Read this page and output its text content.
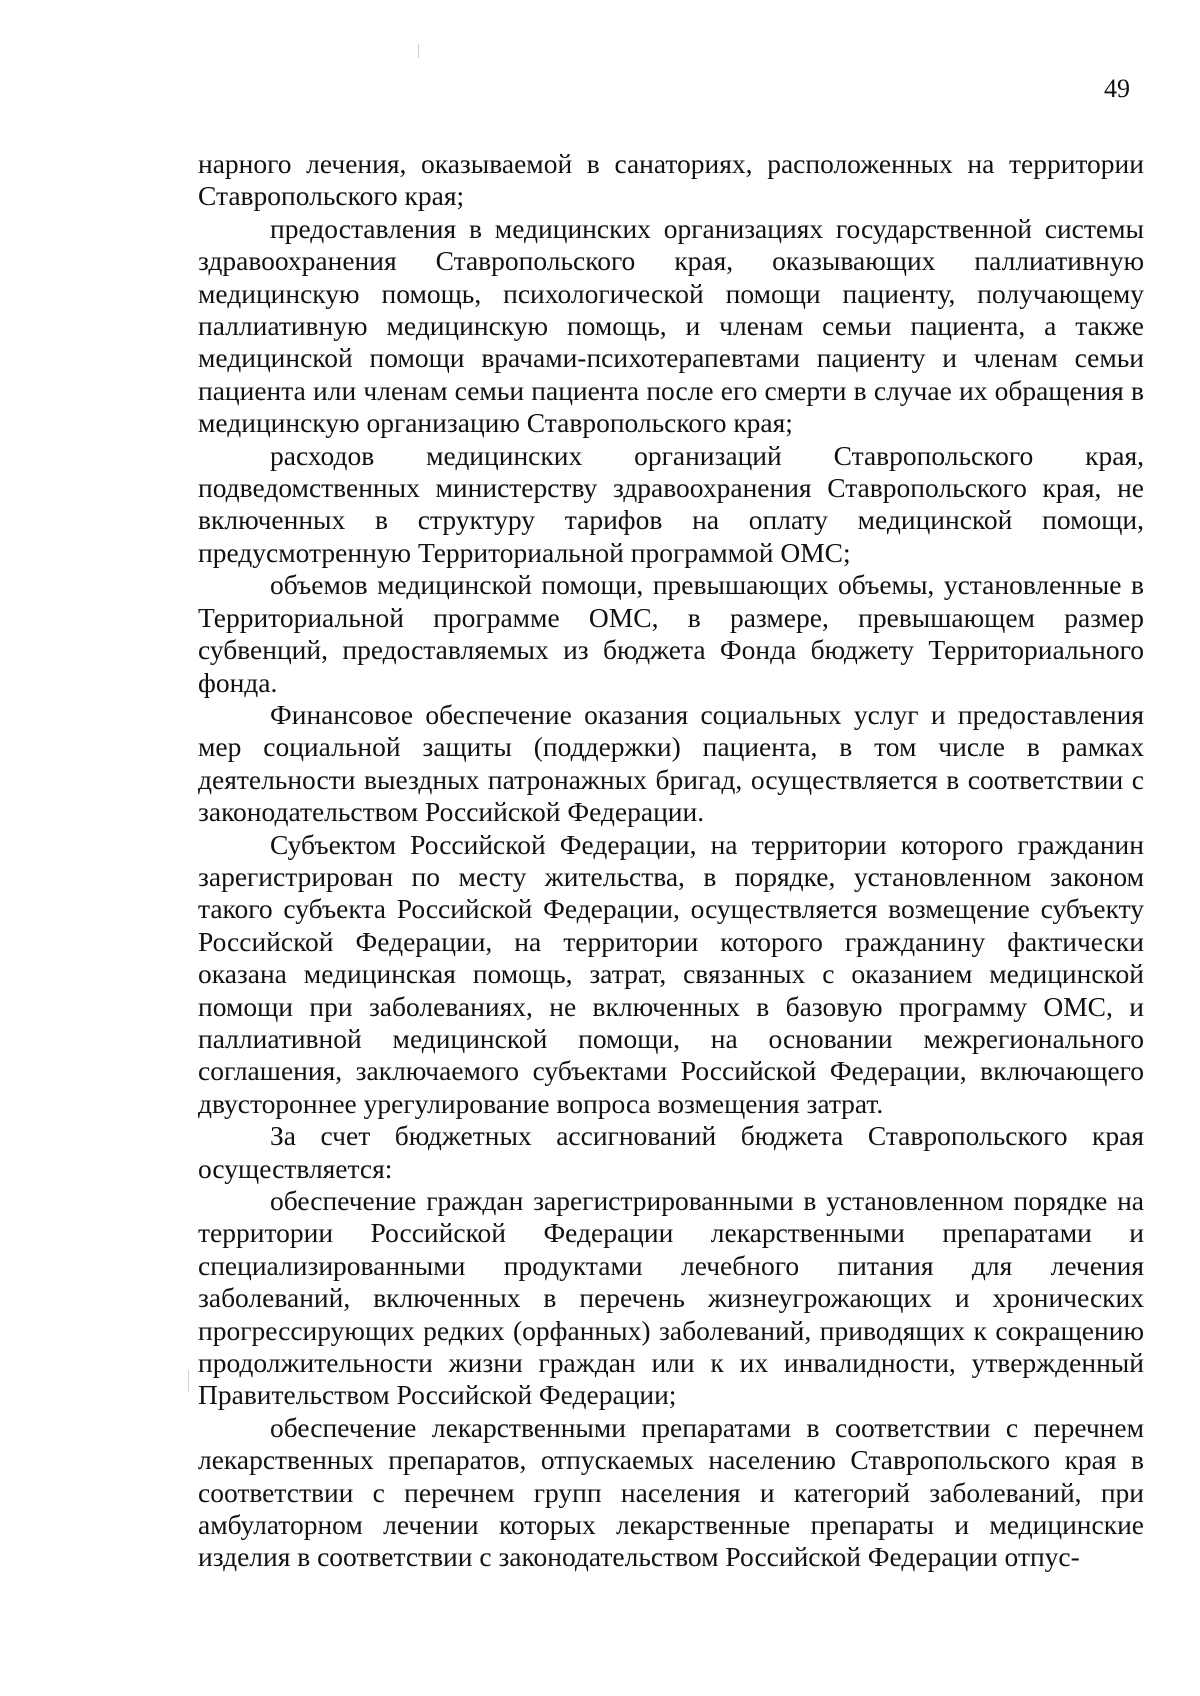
49

нарного лечения, оказываемой в санаториях, расположенных на территории Ставропольского края;

предоставления в медицинских организациях государственной системы здравоохранения Ставропольского края, оказывающих паллиативную медицинскую помощь, психологической помощи пациенту, получающему паллиативную медицинскую помощь, и членам семьи пациента, а также медицинской помощи врачами-психотерапевтами пациенту и членам семьи пациента или членам семьи пациента после его смерти в случае их обращения в медицинскую организацию Ставропольского края;

расходов медицинских организаций Ставропольского края, подведомственных министерству здравоохранения Ставропольского края, не включенных в структуру тарифов на оплату медицинской помощи, предусмотренную Территориальной программой ОМС;

объемов медицинской помощи, превышающих объемы, установленные в Территориальной программе ОМС, в размере, превышающем размер субвенций, предоставляемых из бюджета Фонда бюджету Территориального фонда.

Финансовое обеспечение оказания социальных услуг и предоставления мер социальной защиты (поддержки) пациента, в том числе в рамках деятельности выездных патронажных бригад, осуществляется в соответствии с законодательством Российской Федерации.

Субъектом Российской Федерации, на территории которого гражданин зарегистрирован по месту жительства, в порядке, установленном законом такого субъекта Российской Федерации, осуществляется возмещение субъекту Российской Федерации, на территории которого гражданину фактически оказана медицинская помощь, затрат, связанных с оказанием медицинской помощи при заболеваниях, не включенных в базовую программу ОМС, и паллиативной медицинской помощи, на основании межрегионального соглашения, заключаемого субъектами Российской Федерации, включающего двустороннее урегулирование вопроса возмещения затрат.

За счет бюджетных ассигнований бюджета Ставропольского края осуществляется:

обеспечение граждан зарегистрированными в установленном порядке на территории Российской Федерации лекарственными препаратами и специализированными продуктами лечебного питания для лечения заболеваний, включенных в перечень жизнеугрожающих и хронических прогрессирующих редких (орфанных) заболеваний, приводящих к сокращению продолжительности жизни граждан или к их инвалидности, утвержденный Правительством Российской Федерации;

обеспечение лекарственными препаратами в соответствии с перечнем лекарственных препаратов, отпускаемых населению Ставропольского края в соответствии с перечнем групп населения и категорий заболеваний, при амбулаторном лечении которых лекарственные препараты и медицинские изделия в соответствии с законодательством Российской Федерации отпус-
